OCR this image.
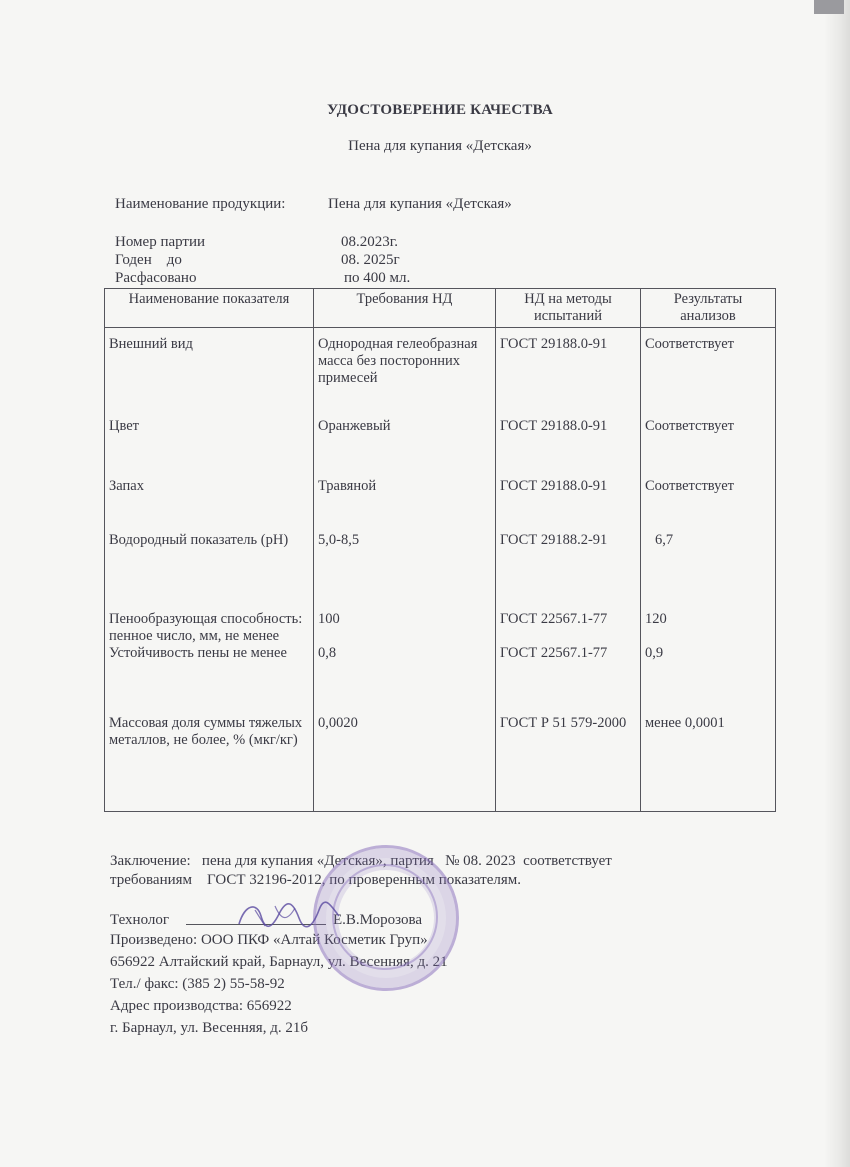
УДОСТОВЕРЕНИЕ КАЧЕСТВА
Пена для купания «Детская»
Наименование продукции:	Пена для купания «Детская»
Номер партии	08.2023г.
Годен    до	08. 2025г
Расфасовано	по 400 мл.
Наименование показателя	Требования НД	НД на методы испытаний	Результаты анализов
Внешний вид	Однородная гелеобразная масса без посторонних примесей	ГОСТ 29188.0-91	Соответствует
Цвет	Оранжевый	ГОСТ 29188.0-91	Соответствует
Запах	Травяной	ГОСТ 29188.0-91	Соответствует
Водородный показатель (pH)	5,0-8,5	ГОСТ 29188.2-91	6,7
Пенообразующая способность: пенное число, мм, не менее	100	ГОСТ 22567.1-77	120
Устойчивость пены не менее	0,8	ГОСТ 22567.1-77	0,9
Массовая доля суммы тяжелых металлов, не более, % (мкг/кг)	0,0020	ГОСТ Р 51 579-2000	менее 0,0001
Заключение:   пена для купания «Детская», партия   № 08. 2023  соответствует
требованиям    ГОСТ 32196-2012, по проверенным показателям.
Технолог	Е.В.Морозова
Произведено: ООО ПКФ «Алтай Косметик Груп»
656922 Алтайский край, Барнаул, ул. Весенняя, д. 21
Тел./ факс: (385 2) 55-58-92
Адрес производства: 656922
г. Барнаул, ул. Весенняя, д. 21б
